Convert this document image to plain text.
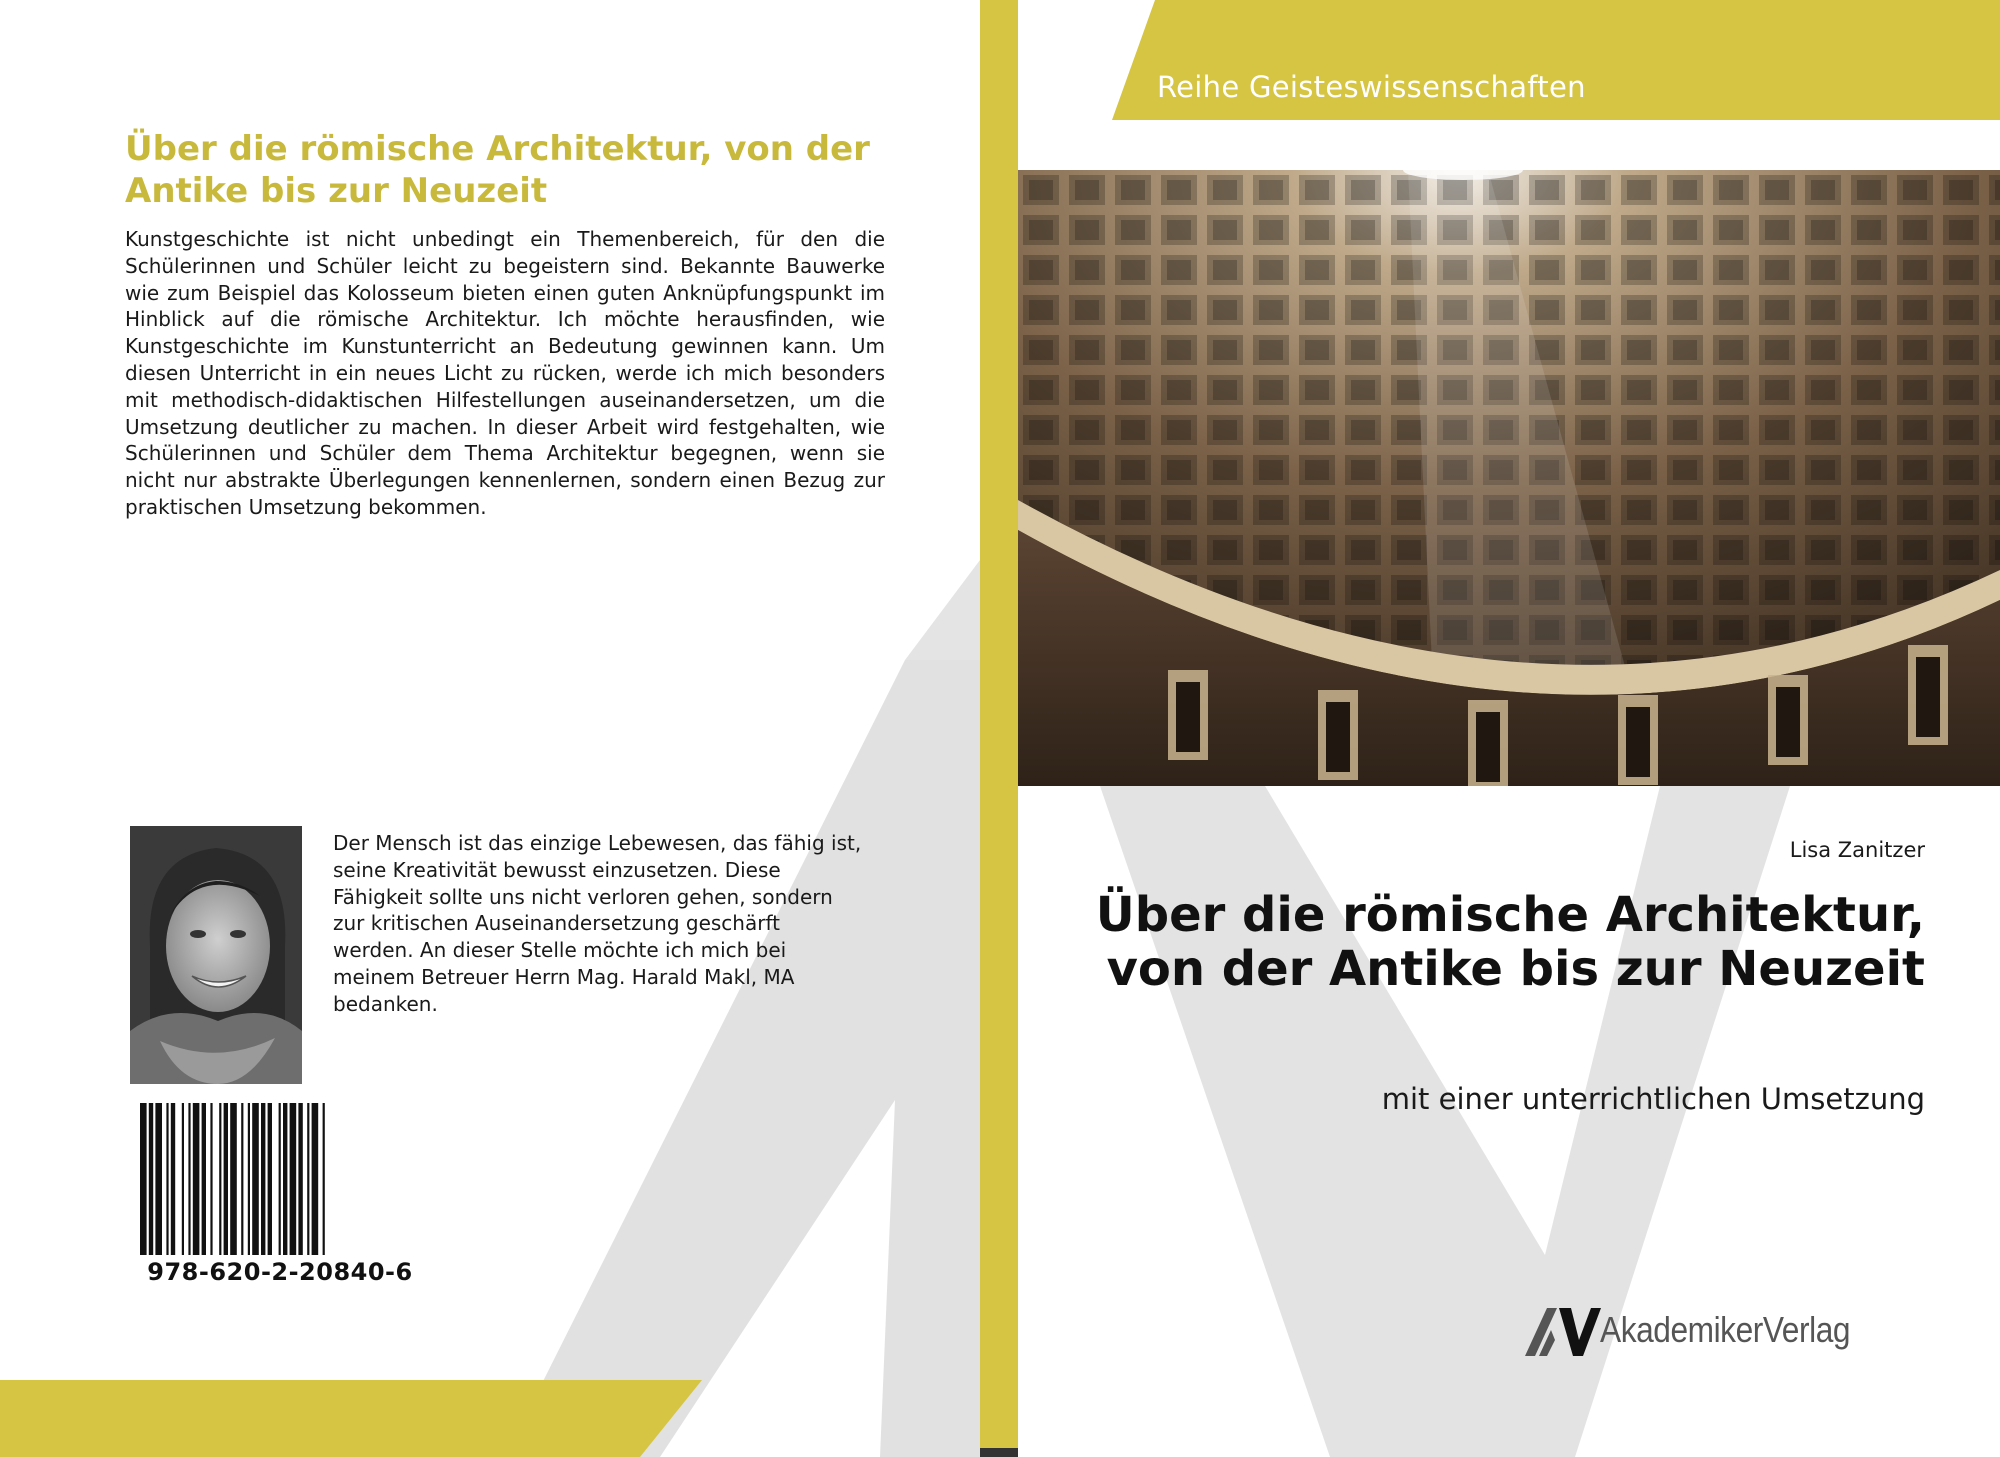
Über die römische Architektur, von der Antike bis zur Neuzeit

Kunstgeschichte ist nicht unbedingt ein Themenbereich, für den die Schülerinnen und Schüler leicht zu begeistern sind. Bekannte Bauwerke wie zum Beispiel das Kolosseum bieten einen guten Anknüpfungspunkt im Hinblick auf die römische Architektur. Ich möchte herausfinden, wie Kunstgeschichte im Kunstunterricht an Bedeutung gewinnen kann. Um diesen Unterricht in ein neues Licht zu rücken, werde ich mich besonders mit methodisch-didaktischen Hilfestellungen auseinandersetzen, um die Umsetzung deutlicher zu machen. In dieser Arbeit wird festgehalten, wie Schülerinnen und Schüler dem Thema Architektur begegnen, wenn sie nicht nur abstrakte Überlegungen kennenlernen, sondern einen Bezug zur praktischen Umsetzung bekommen.

Der Mensch ist das einzige Lebewesen, das fähig ist, seine Kreativität bewusst einzusetzen. Diese Fähigkeit sollte uns nicht verloren gehen, sondern zur kritischen Auseinandersetzung geschärft werden. An dieser Stelle möchte ich mich bei meinem Betreuer Herrn Mag. Harald Makl, MA bedanken.

978-620-2-20840-6
Reihe Geisteswissenschaften
Lisa Zanitzer
Über die römische Architektur, von der Antike bis zur Neuzeit
mit einer unterrichtlichen Umsetzung
AkademikerVerlag
